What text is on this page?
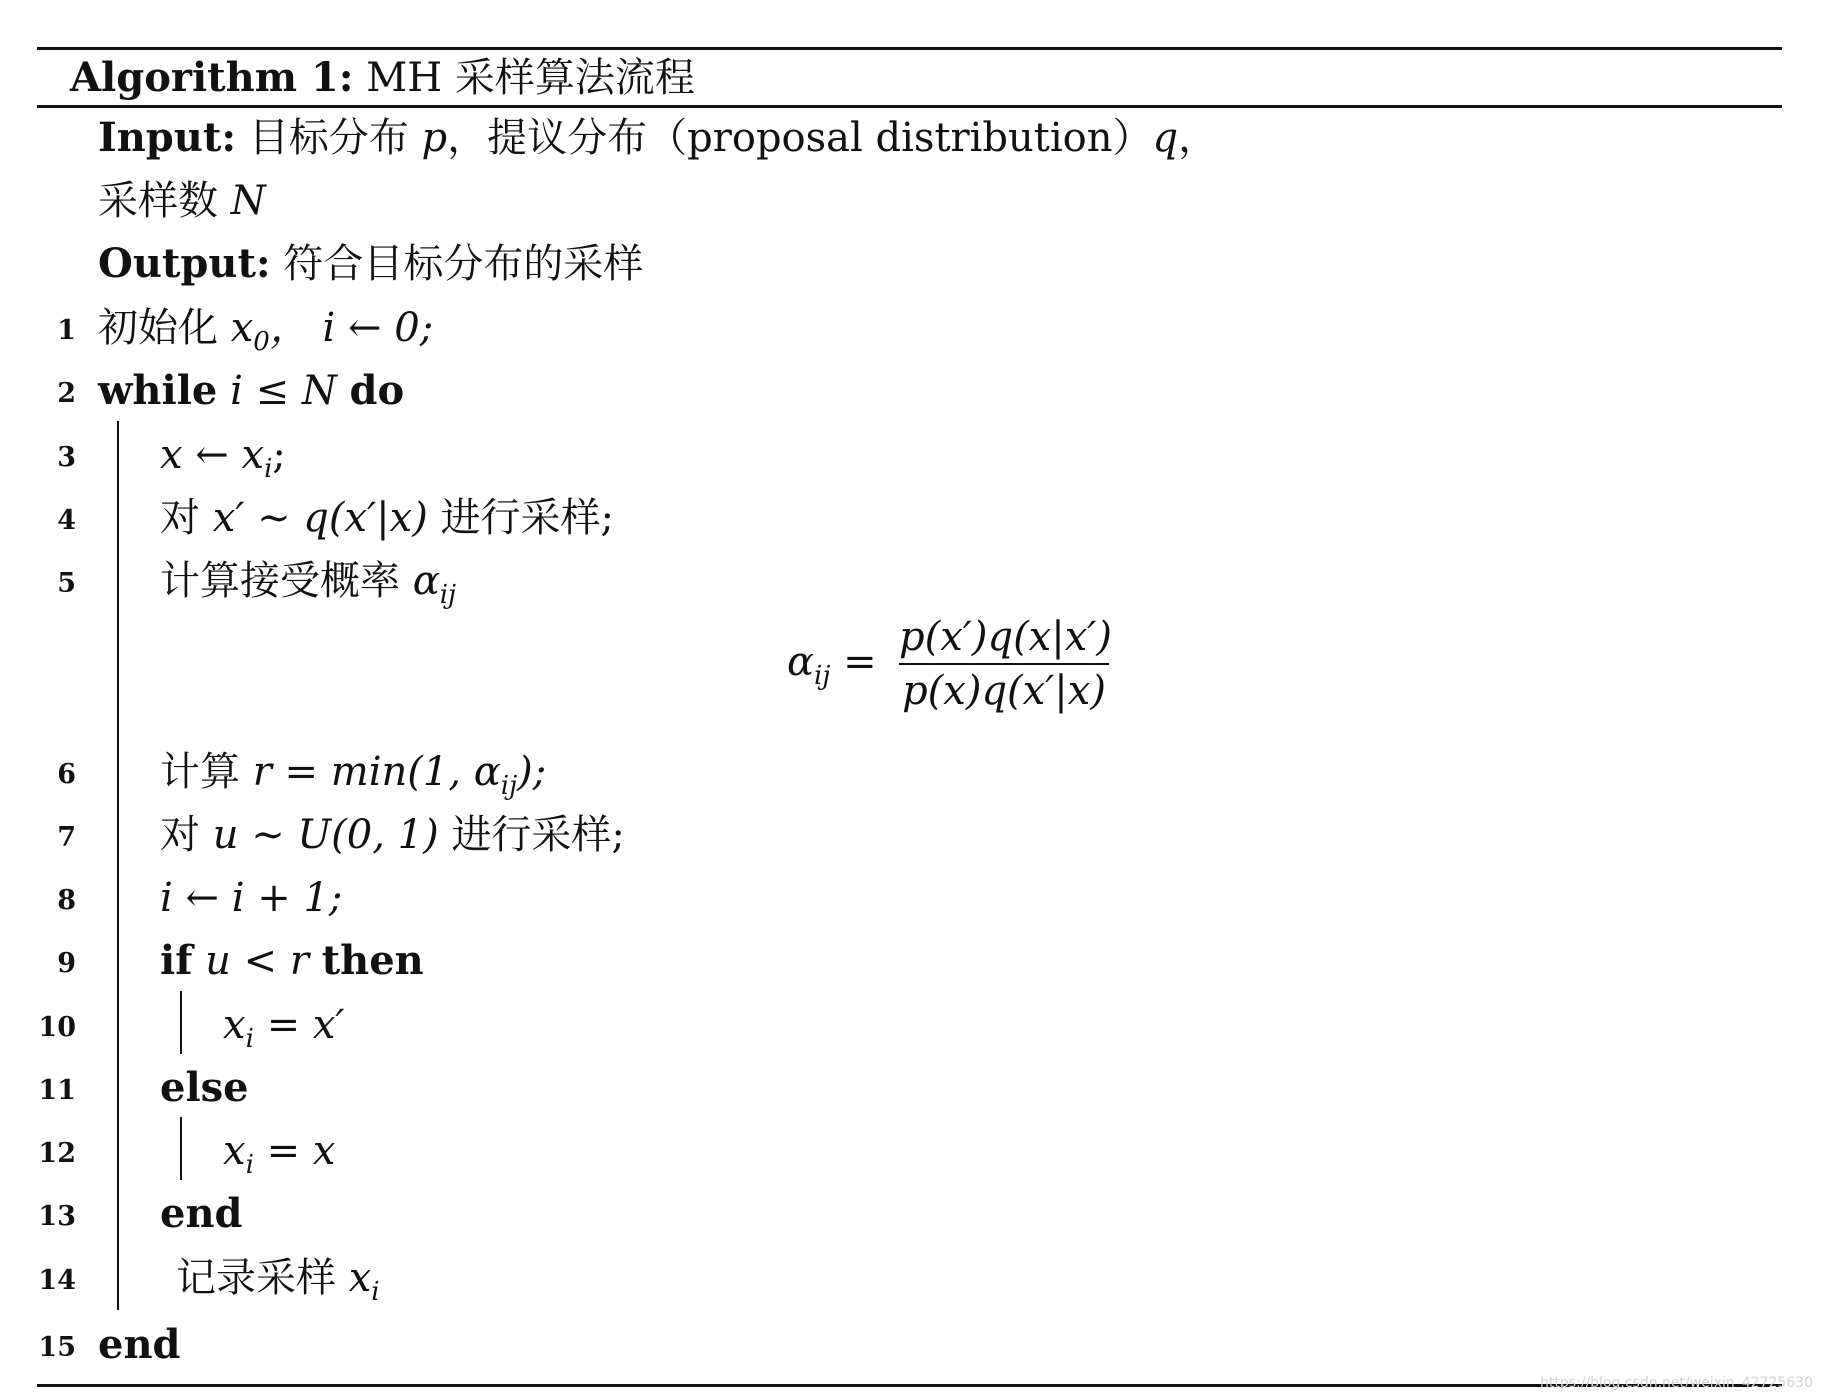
Algorithm 1: MH 采样算法流程
Input: 目标分布 p，提议分布（proposal distribution）q，
采样数 N
Output: 符合目标分布的采样
1
2
3
4
5
6
7
8
9
10
11
12
13
14
15
初始化 $x_0$， i ← 0;
while i ≤ N do
x ← $x_i$;
对 x′ ∼ q(x′|x) 进行采样;
计算接受概率 $\alpha_{ij}$
$\alpha_{ij}$ =
p(x′)q(x|x′)
p(x)q(x′|x)
计算 r = min(1, $\alpha_{ij}$);
对 u ∼ U(0, 1) 进行采样;
i ← i + 1;
if u < r then
$x_i = x'$
else
$x_i = x$
end
记录采样 $x_i$
end
https://blog.csdn.net/weixin_42725630
